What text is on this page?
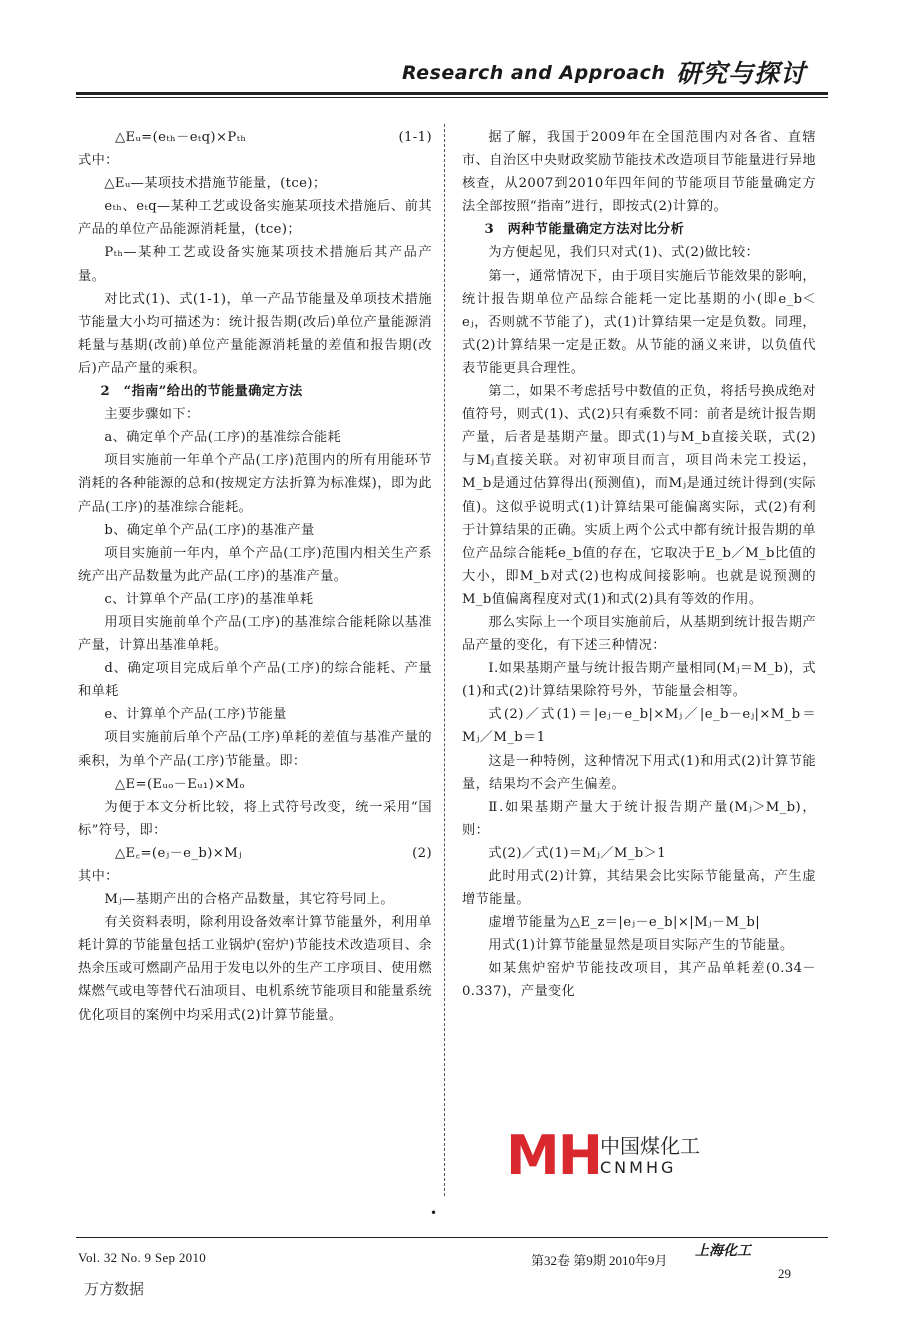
Research and Approach 研究与探讨

△Eᵤ=(eₜₕ－eₜq)×Pₜₕ	(1-1)

式中：

△Eᵤ—某项技术措施节能量，(tce)；

eₜₕ、eₜq—某种工艺或设备实施某项技术措施后、前其产品的单位产品能源消耗量，(tce)；

Pₜₕ—某种工艺或设备实施某项技术措施后其产品产量。

对比式(1)、式(1-1)，单一产品节能量及单项技术措施节能量大小均可描述为：统计报告期(改后)单位产量能源消耗量与基期(改前)单位产量能源消耗量的差值和报告期(改后)产品产量的乘积。

2　“指南”给出的节能量确定方法

主要步骤如下：

a、确定单个产品(工序)的基准综合能耗

项目实施前一年单个产品(工序)范围内的所有用能环节消耗的各种能源的总和(按规定方法折算为标准煤)，即为此产品(工序)的基准综合能耗。

b、确定单个产品(工序)的基准产量

项目实施前一年内，单个产品(工序)范围内相关生产系统产出产品数量为此产品(工序)的基准产量。

c、计算单个产品(工序)的基准单耗

用项目实施前单个产品(工序)的基准综合能耗除以基准产量，计算出基准单耗。

d、确定项目完成后单个产品(工序)的综合能耗、产量和单耗

e、计算单个产品(工序)节能量

项目实施前后单个产品(工序)单耗的差值与基准产量的乘积，为单个产品(工序)节能量。即：

△E=(Eᵤₒ－Eᵤ₁)×Mₒ

为便于本文分析比较，将上式符号改变，统一采用“国标”符号，即：

△E꜀=(eⱼ－e_b)×Mⱼ	(2)

其中：

Mⱼ—基期产出的合格产品数量，其它符号同上。

有关资料表明，除利用设备效率计算节能量外，利用单耗计算的节能量包括工业锅炉(窑炉)节能技术改造项目、余热余压或可燃副产品用于发电以外的生产工序项目、使用燃煤燃气或电等替代石油项目、电机系统节能项目和能量系统优化项目的案例中均采用式(2)计算节能量。

据了解，我国于2009年在全国范围内对各省、直辖市、自治区中央财政奖励节能技术改造项目节能量进行异地核查，从2007到2010年四年间的节能项目节能量确定方法全部按照“指南”进行，即按式(2)计算的。

3　两种节能量确定方法对比分析

为方便起见，我们只对式(1)、式(2)做比较：

第一，通常情况下，由于项目实施后节能效果的影响，统计报告期单位产品综合能耗一定比基期的小(即e_b＜eⱼ，否则就不节能了)，式(1)计算结果一定是负数。同理，式(2)计算结果一定是正数。从节能的涵义来讲，以负值代表节能更具合理性。

第二，如果不考虑括号中数值的正负，将括号换成绝对值符号，则式(1)、式(2)只有乘数不同：前者是统计报告期产量，后者是基期产量。即式(1)与M_b直接关联，式(2)与Mⱼ直接关联。对初审项目而言，项目尚未完工投运，M_b是通过估算得出(预测值)，而Mⱼ是通过统计得到(实际值)。这似乎说明式(1)计算结果可能偏离实际，式(2)有利于计算结果的正确。实质上两个公式中都有统计报告期的单位产品综合能耗e_b值的存在，它取决于E_b／M_b比值的大小，即M_b对式(2)也构成间接影响。也就是说预测的M_b值偏离程度对式(1)和式(2)具有等效的作用。

那么实际上一个项目实施前后，从基期到统计报告期产品产量的变化，有下述三种情况：

Ⅰ.如果基期产量与统计报告期产量相同(Mⱼ＝M_b)，式(1)和式(2)计算结果除符号外，节能量会相等。

式(2)／式(1)＝|eⱼ－e_b|×Mⱼ／|e_b－eⱼ|×M_b＝Mⱼ／M_b＝1

这是一种特例，这种情况下用式(1)和用式(2)计算节能量，结果均不会产生偏差。

Ⅱ.如果基期产量大于统计报告期产量(Mⱼ＞M_b)，则：

式(2)／式(1)＝Mⱼ／M_b＞1

此时用式(2)计算，其结果会比实际节能量高，产生虚增节能量。

虚增节能量为△E_z＝|eⱼ－e_b|×|Mⱼ－M_b|

用式(1)计算节能量显然是项目实际产生的节能量。

如某焦炉窑炉节能技改项目，其产品单耗差(0.34－0.337)，产量变化

•
MH 中国煤化工
CNMHG
Vol. 32 No. 9 Sep 2010	第32卷 第9期 2010年9月
上海化工
29
万方数据
